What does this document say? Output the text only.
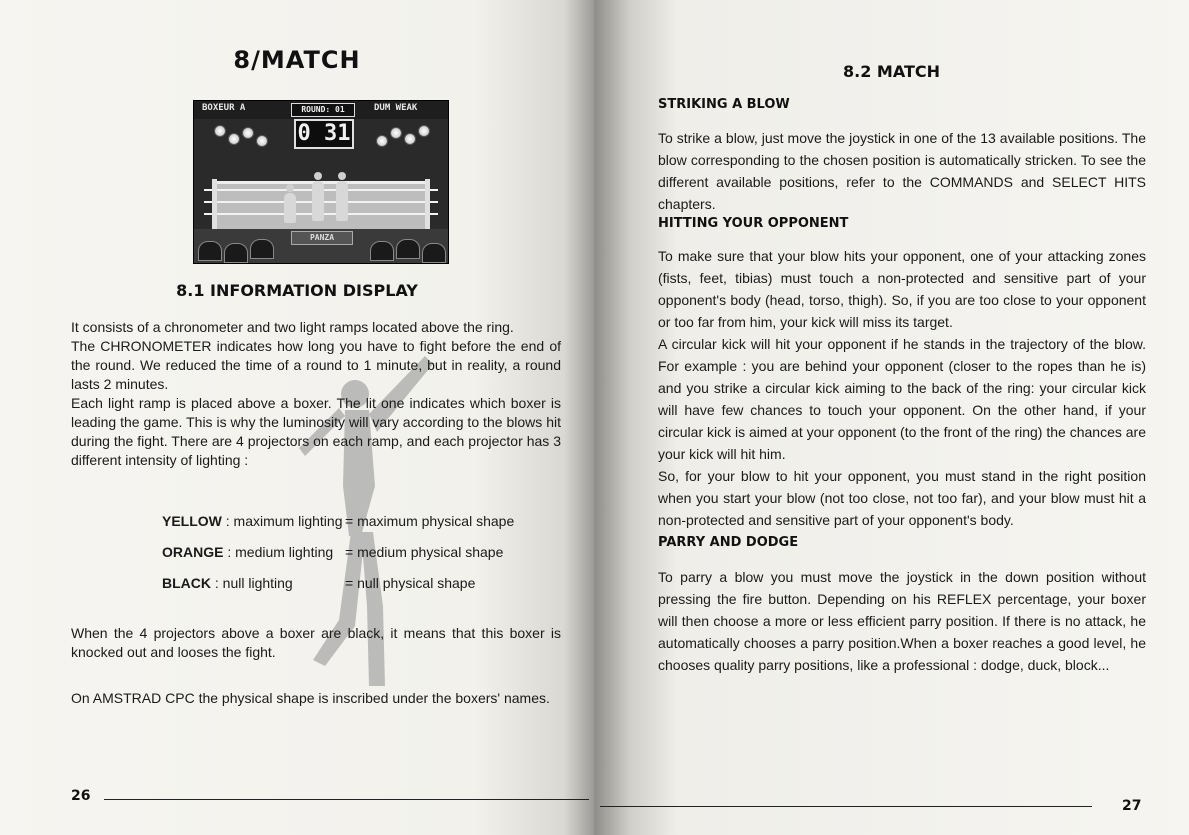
8/MATCH
BOXEUR A	ROUND: 01	DUM WEAK
0 31
PANZA
8.1 INFORMATION DISPLAY

It consists of a chronometer and two light ramps located above the ring.

The CHRONOMETER indicates how long you have to fight before the end of the round. We reduced the time of a round to 1 minute, but in reality, a round lasts 2 minutes.

Each light ramp is placed above a boxer. The lit one indicates which boxer is leading the game. This is why the luminosity will vary according to the blows hit during the fight. There are 4 projectors on each ramp, and each projector has 3 different intensity of lighting :

YELLOW : maximum lighting = maximum physical shape
ORANGE : medium lighting = medium physical shape
BLACK : null lighting	= null physical shape
When the 4 projectors above a boxer are black, it means that this boxer is knocked out and looses the fight.
On AMSTRAD CPC the physical shape is inscribed under the boxers' names.
26
8.2 MATCH
STRIKING A BLOW

To strike a blow, just move the joystick in one of the 13 available positions. The blow corresponding to the chosen position is automatically stricken. To see the different available positions, refer to the COMMANDS and SELECT HITS chapters.

HITTING YOUR OPPONENT

To make sure that your blow hits your opponent, one of your attacking zones (fists, feet, tibias) must touch a non-protected and sensitive part of your opponent's body (head, torso, thigh). So, if you are too close to your opponent or too far from him, your kick will miss its target.

A circular kick will hit your opponent if he stands in the trajectory of the blow. For example : you are behind your opponent (closer to the ropes than he is) and you strike a circular kick aiming to the back of the ring: your circular kick will have few chances to touch your opponent. On the other hand, if your circular kick is aimed at your opponent (to the front of the ring) the chances are your kick will hit him.

So, for your blow to hit your opponent, you must stand in the right position when you start your blow (not too close, not too far), and your blow must hit a non-protected and sensitive part of your opponent's body.

PARRY AND DODGE

To parry a blow you must move the joystick in the down position without pressing the fire button. Depending on his REFLEX percentage, your boxer will then choose a more or less efficient parry position. If there is no attack, he automatically chooses a parry position.When a boxer reaches a good level, he chooses quality parry positions, like a professional : dodge, duck, block...

27
